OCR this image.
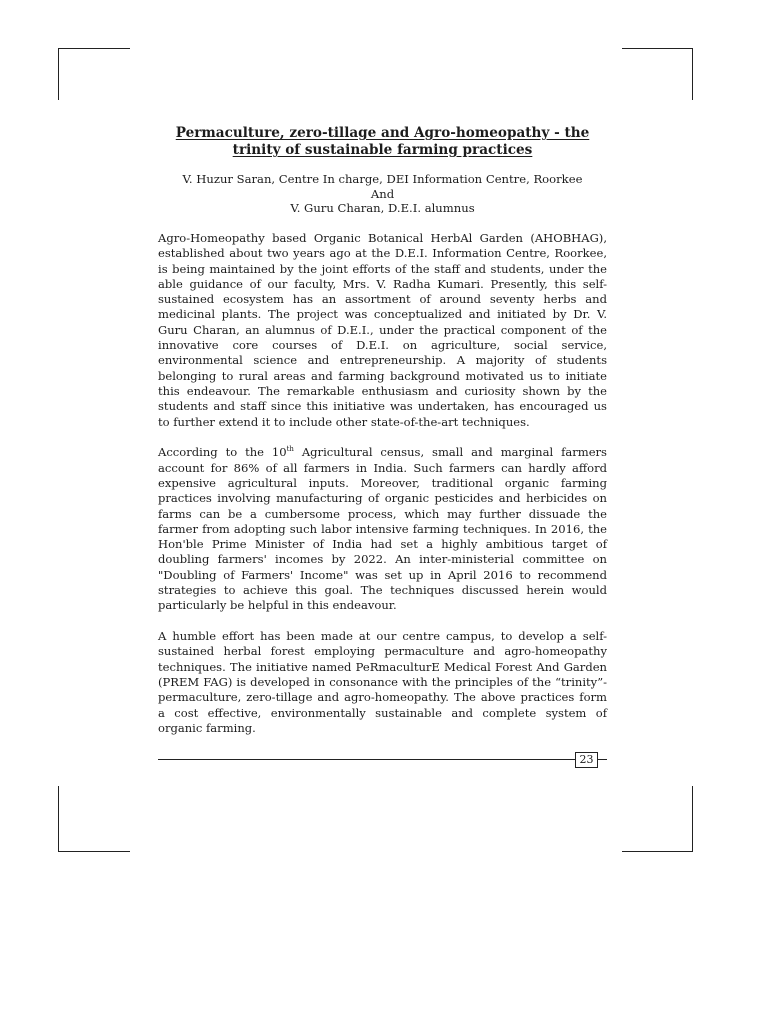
Permaculture, zero-tillage and Agro-homeopathy - the
trinity of sustainable farming practices
V. Huzur Saran, Centre In charge, DEI Information Centre, Roorkee
And
V. Guru Charan, D.E.I. alumnus

Agro-Homeopathy based Organic Botanical HerbAl Garden (AHOBHAG), established about two years ago at the D.E.I. Information Centre, Roorkee, is being maintained by the joint efforts of the staff and students, under the able guidance of our faculty, Mrs. V. Radha Kumari. Presently, this self-sustained ecosystem has an assortment of around seventy herbs and medicinal plants. The project was conceptualized and initiated by Dr. V. Guru Charan, an alumnus of D.E.I., under the practical component of the innovative core courses of D.E.I. on agriculture, social service, environmental science and entrepreneurship. A majority of students belonging to rural areas and farming background motivated us to initiate this endeavour. The remarkable enthusiasm and curiosity shown by the students and staff since this initiative was undertaken, has encouraged us to further extend it to include other state-of-the-art techniques.

According to the 10th Agricultural census, small and marginal farmers account for 86% of all farmers in India. Such farmers can hardly afford expensive agricultural inputs. Moreover, traditional organic farming practices involving manufacturing of organic pesticides and herbicides on farms can be a cumbersome process, which may further dissuade the farmer from adopting such labor intensive farming techniques. In 2016, the Hon'ble Prime Minister of India had set a highly ambitious target of doubling farmers' incomes by 2022. An inter-ministerial committee on "Doubling of Farmers' Income" was set up in April 2016 to recommend strategies to achieve this goal. The techniques discussed herein would particularly be helpful in this endeavour.

A humble effort has been made at our centre campus, to develop a self-sustained herbal forest employing permaculture and agro-homeopathy techniques. The initiative named PeRmaculturE Medical Forest And Garden (PREM FAG) is developed in consonance with the principles of the “trinity”-permaculture, zero-tillage and agro-homeopathy. The above practices form a cost effective, environmentally sustainable and complete system of organic farming.

23
